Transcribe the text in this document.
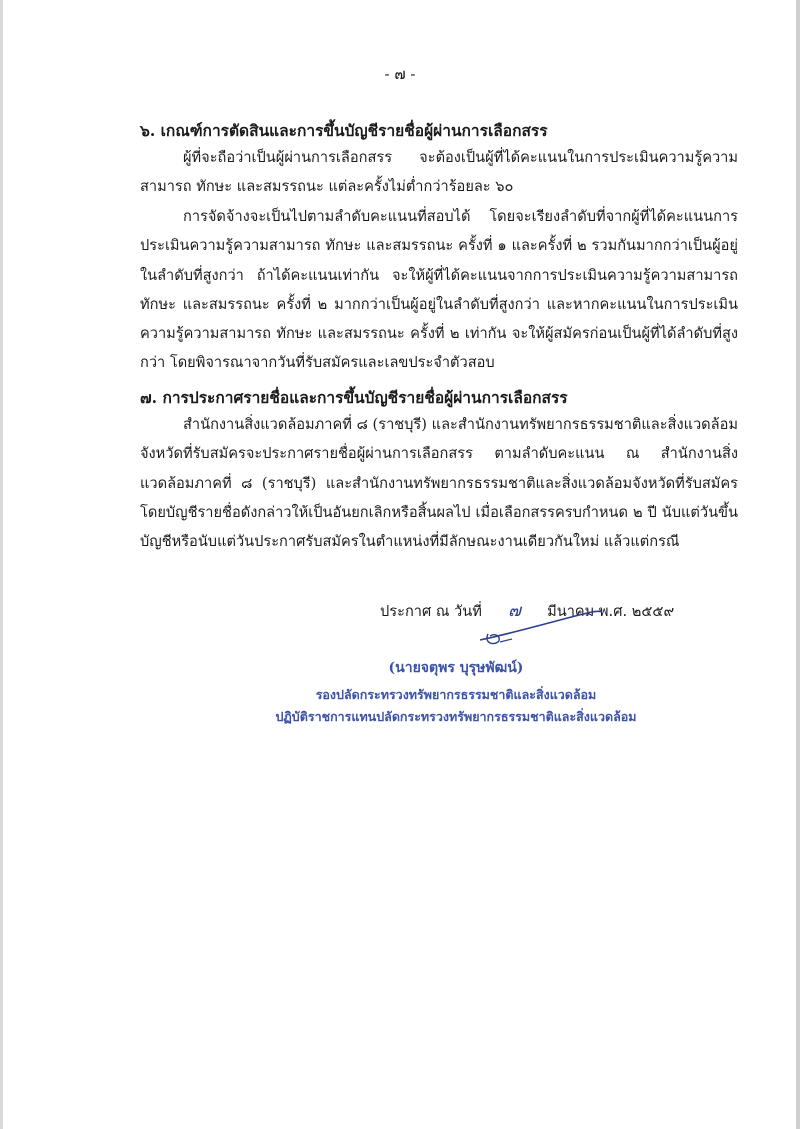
- ๗ -
๖. เกณฑ์การตัดสินและการขึ้นบัญชีรายชื่อผู้ผ่านการเลือกสรร

ผู้ที่จะถือว่าเป็นผู้ผ่านการเลือกสรร จะต้องเป็นผู้ที่ได้คะแนนในการประเมินความรู้ความสามารถ ทักษะ และสมรรถนะ แต่ละครั้งไม่ต่ำกว่าร้อยละ ๖๐

การจัดจ้างจะเป็นไปตามลำดับคะแนนที่สอบได้ โดยจะเรียงลำดับที่จากผู้ที่ได้คะแนนการประเมินความรู้ความสามารถ ทักษะ และสมรรถนะ ครั้งที่ ๑ และครั้งที่ ๒ รวมกันมากกว่าเป็นผู้อยู่ในลำดับที่สูงกว่า ถ้าได้คะแนนเท่ากัน จะให้ผู้ที่ได้คะแนนจากการประเมินความรู้ความสามารถ ทักษะ และสมรรถนะ ครั้งที่ ๒ มากกว่าเป็นผู้อยู่ในลำดับที่สูงกว่า และหากคะแนนในการประเมินความรู้ความสามารถ ทักษะ และสมรรถนะ ครั้งที่ ๒ เท่ากัน จะให้ผู้สมัครก่อนเป็นผู้ที่ได้ลำดับที่สูงกว่า โดยพิจารณาจากวันที่รับสมัครและเลขประจำตัวสอบ

๗. การประกาศรายชื่อและการขึ้นบัญชีรายชื่อผู้ผ่านการเลือกสรร

สำนักงานสิ่งแวดล้อมภาคที่ ๘ (ราชบุรี) และสำนักงานทรัพยากรธรรมชาติและสิ่งแวดล้อมจังหวัดที่รับสมัครจะประกาศรายชื่อผู้ผ่านการเลือกสรร ตามลำดับคะแนน ณ สำนักงานสิ่งแวดล้อมภาคที่ ๘ (ราชบุรี) และสำนักงานทรัพยากรธรรมชาติและสิ่งแวดล้อมจังหวัดที่รับสมัคร โดยบัญชีรายชื่อดังกล่าวให้เป็นอันยกเลิกหรือสิ้นผลไป เมื่อเลือกสรรครบกำหนด ๒ ปี นับแต่วันขึ้นบัญชีหรือนับแต่วันประกาศรับสมัครในตำแหน่งที่มีลักษณะงานเดียวกันใหม่ แล้วแต่กรณี

ประกาศ ณ วันที่ ๗ มีนาคม พ.ศ. ๒๕๕๙
(นายจตุพร บุรุษพัฒน์)
รองปลัดกระทรวงทรัพยากรธรรมชาติและสิ่งแวดล้อม
ปฏิบัติราชการแทนปลัดกระทรวงทรัพยากรธรรมชาติและสิ่งแวดล้อม
